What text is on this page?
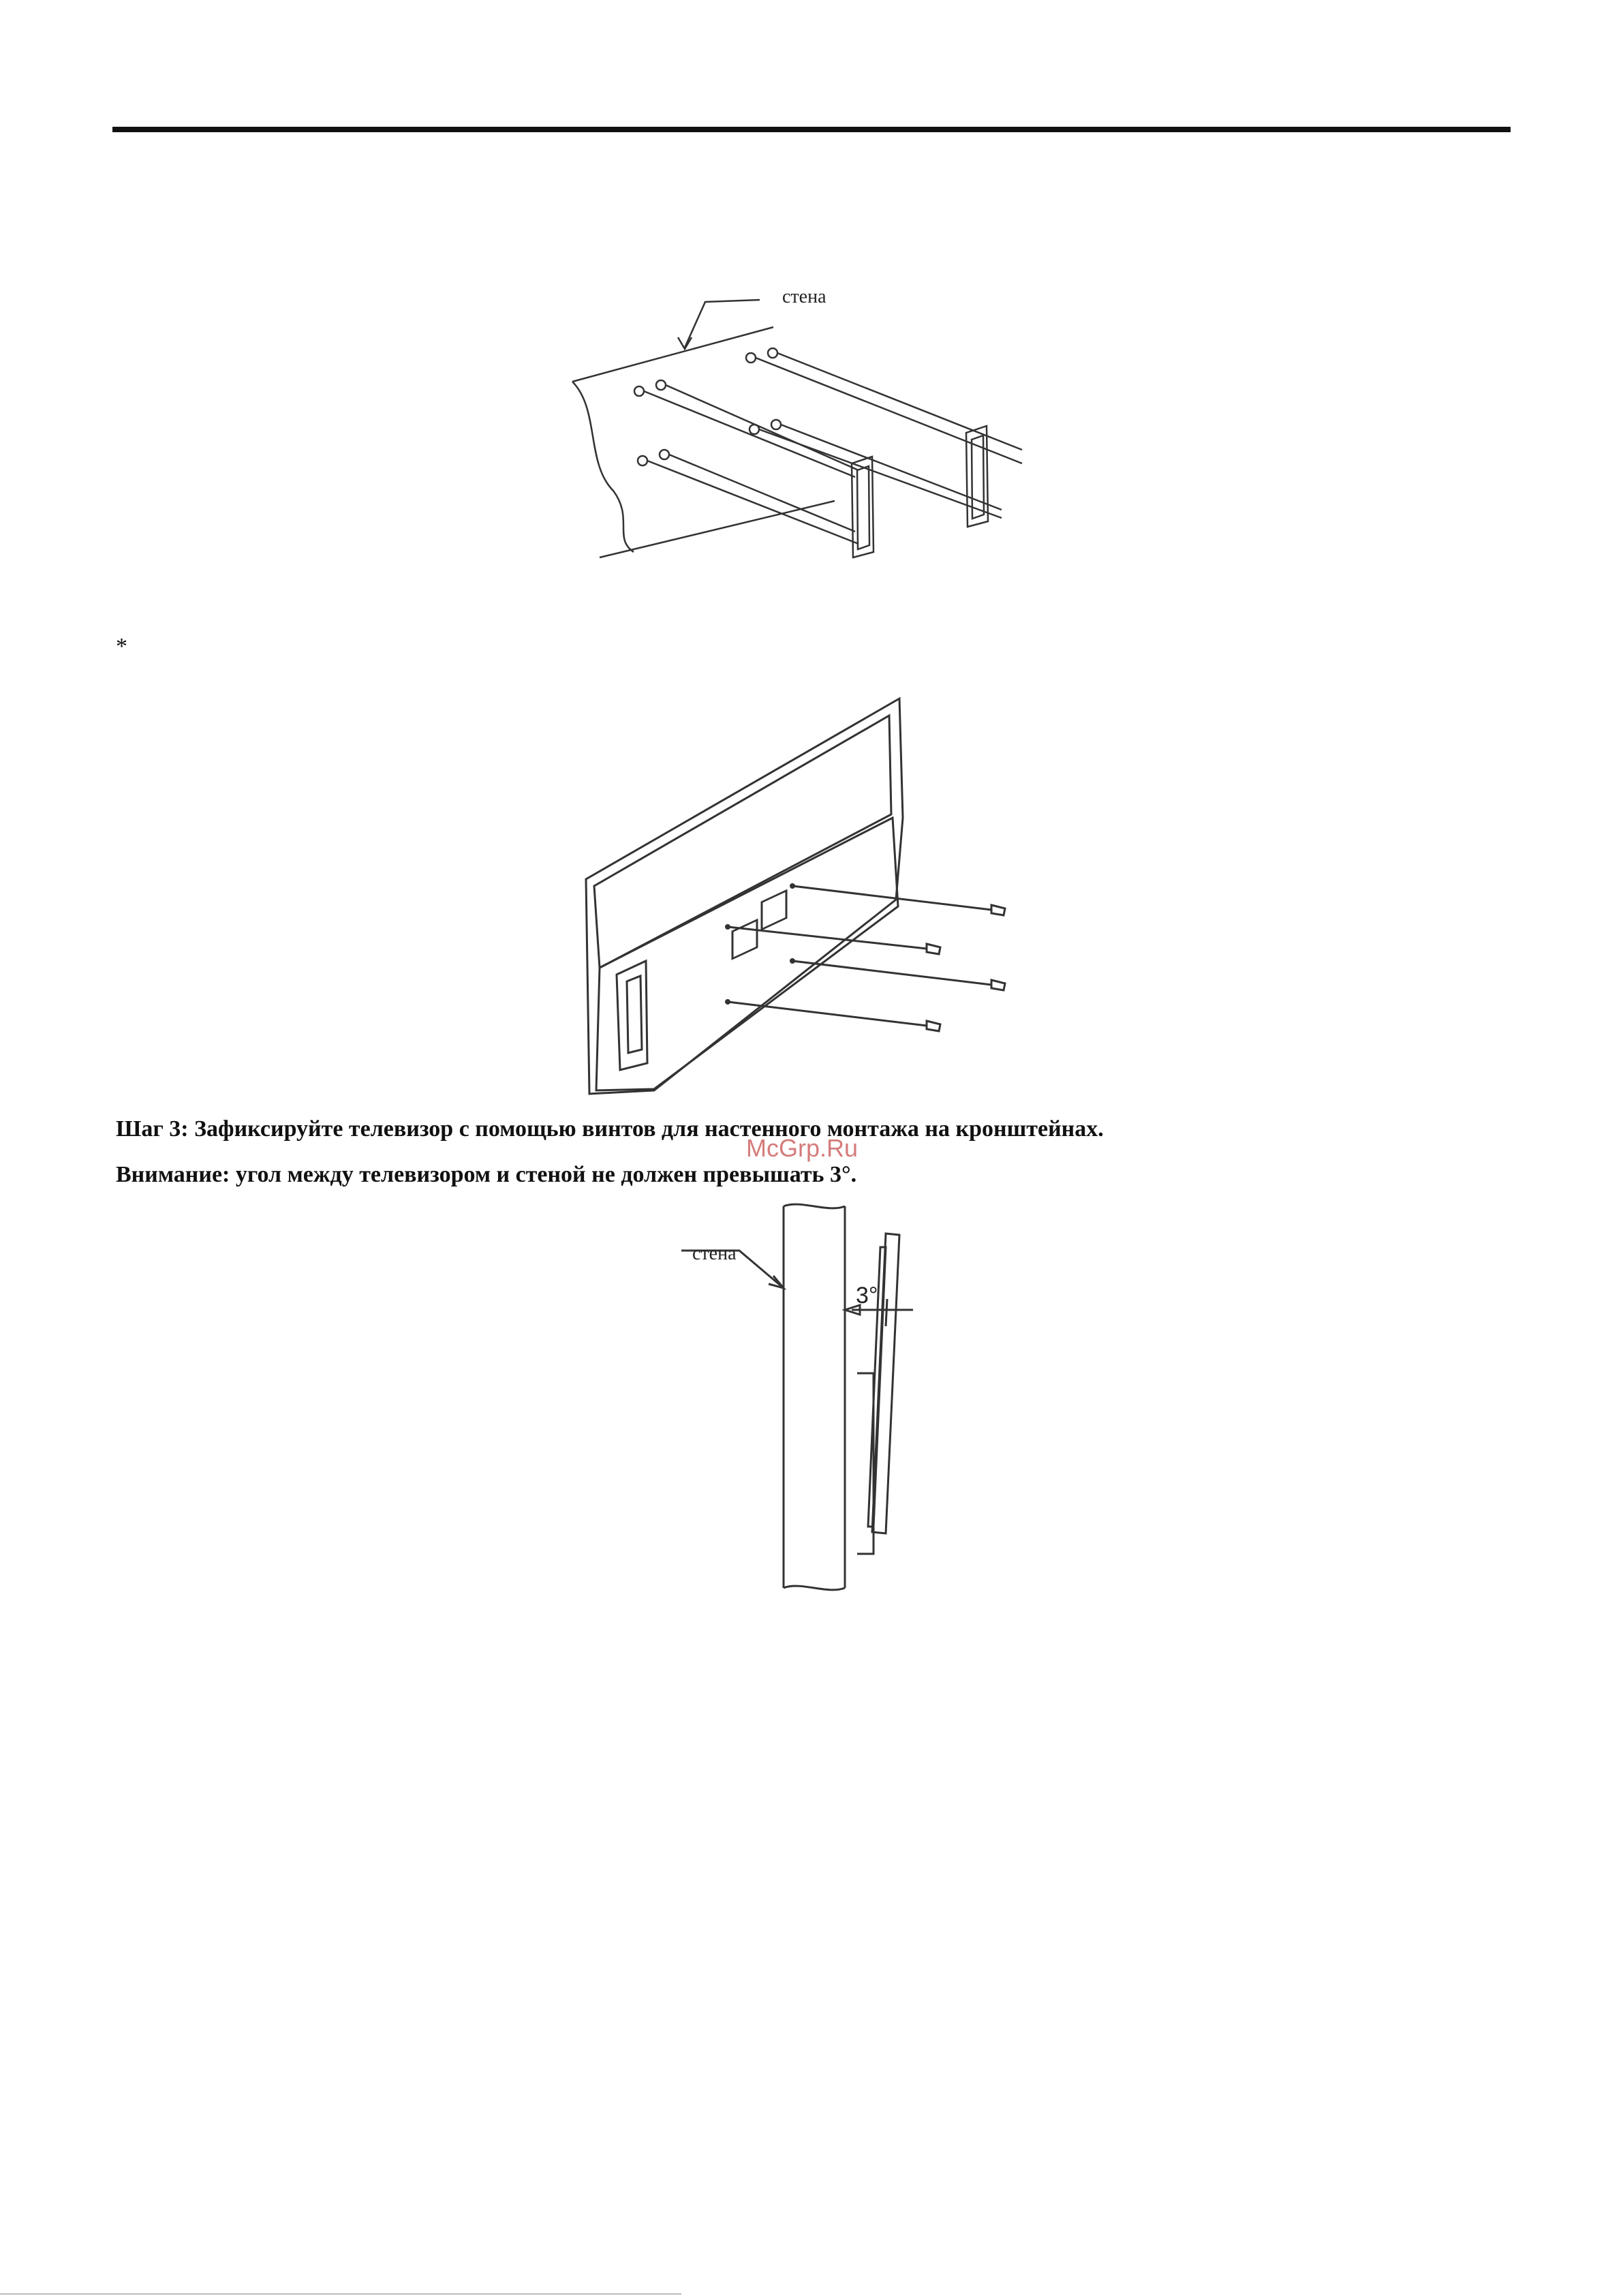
стена
*
Шаг 3: Зафиксируйте телевизор с помощью винтов для настенного монтажа на кронштейнах.
Внимание: угол между телевизором и стеной не должен превышать 3°.
McGrp.Ru
стена
3°
